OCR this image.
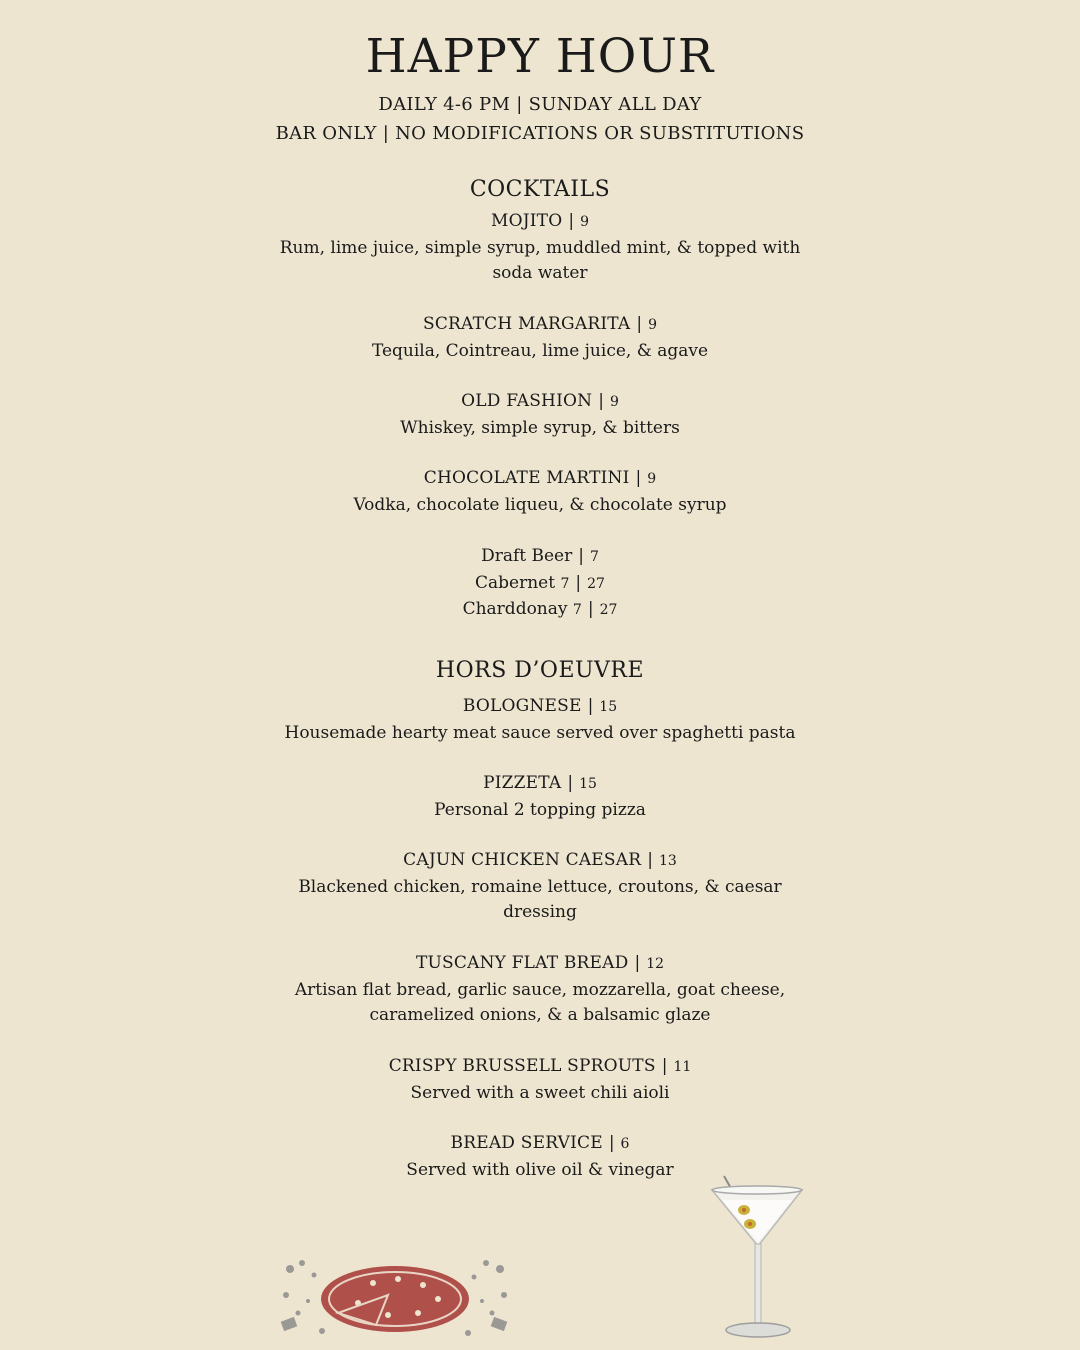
HAPPY HOUR
DAILY 4-6 PM | SUNDAY ALL DAY
BAR ONLY | NO MODIFICATIONS OR SUBSTITUTIONS
COCKTAILS
MOJITO | 9
Rum, lime juice, simple syrup, muddled mint, & topped with soda water
SCRATCH MARGARITA | 9
Tequila, Cointreau, lime juice, & agave
OLD FASHION | 9
Whiskey, simple syrup, & bitters
CHOCOLATE MARTINI | 9
Vodka, chocolate liqueu, & chocolate syrup
Draft Beer | 7
Cabernet 7 | 27
Charddonay 7 | 27
HORS D’OEUVRE
BOLOGNESE | 15
Housemade hearty meat sauce served over spaghetti pasta
PIZZETA | 15
Personal 2 topping pizza
CAJUN CHICKEN CAESAR | 13
Blackened chicken, romaine lettuce, croutons, & caesar dressing
TUSCANY FLAT BREAD | 12
Artisan flat bread, garlic sauce, mozzarella, goat cheese, caramelized onions, & a balsamic glaze
CRISPY BRUSSELL SPROUTS | 11
Served with a sweet chili aioli
BREAD SERVICE | 6
Served with olive oil & vinegar
